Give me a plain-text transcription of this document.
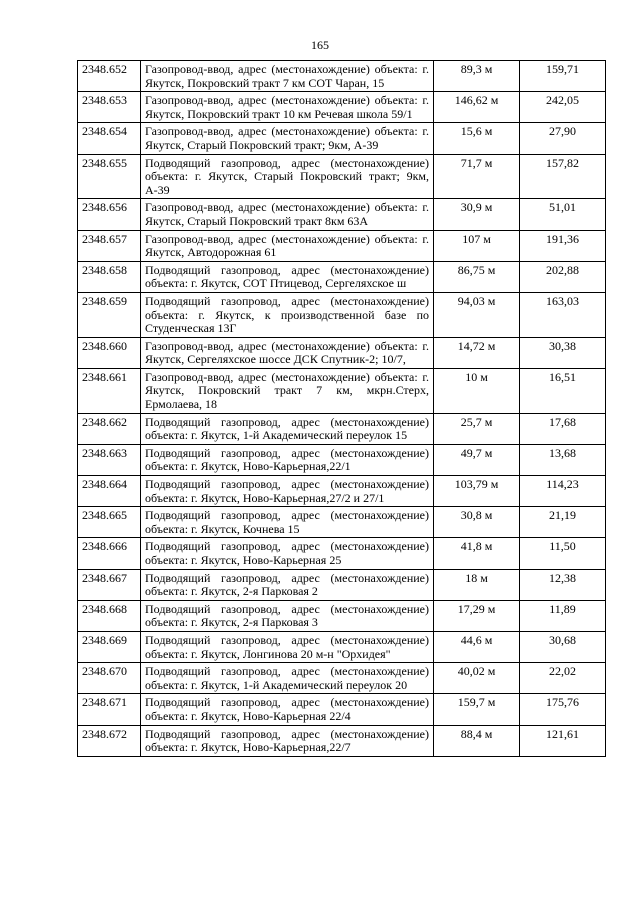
165
2348.652	Газопровод-ввод, адрес (местонахождение) объекта: г. Якутск, Покровский тракт 7 км СОТ Чаран, 15	89,3 м	159,71
2348.653	Газопровод-ввод, адрес (местонахождение) объекта: г. Якутск, Покровский тракт 10 км Речевая школа 59/1	146,62 м	242,05
2348.654	Газопровод-ввод, адрес (местонахождение) объекта: г. Якутск, Старый Покровский тракт; 9км, А-39	15,6 м	27,90
2348.655	Подводящий газопровод, адрес (местонахождение) объекта: г. Якутск, Старый Покровский тракт; 9км, А-39	71,7 м	157,82
2348.656	Газопровод-ввод, адрес (местонахождение) объекта: г. Якутск, Старый Покровский тракт 8км 63А	30,9 м	51,01
2348.657	Газопровод-ввод, адрес (местонахождение) объекта: г. Якутск, Автодорожная 61	107 м	191,36
2348.658	Подводящий газопровод, адрес (местонахождение) объекта: г. Якутск, СОТ Птицевод, Сергеляхское ш	86,75 м	202,88
2348.659	Подводящий газопровод, адрес (местонахождение) объекта: г. Якутск, к производственной базе по Студенческая 13Г	94,03 м	163,03
2348.660	Газопровод-ввод, адрес (местонахождение) объекта: г. Якутск, Сергеляхское шоссе ДСК Спутник-2; 10/7,	14,72 м	30,38
2348.661	Газопровод-ввод, адрес (местонахождение) объекта: г. Якутск, Покровский тракт 7 км, мкрн.Стерх, Ермолаева, 18	10 м	16,51
2348.662	Подводящий газопровод, адрес (местонахождение) объекта: г. Якутск, 1-й Академический переулок 15	25,7 м	17,68
2348.663	Подводящий газопровод, адрес (местонахождение) объекта: г. Якутск, Ново-Карьерная,22/1	49,7 м	13,68
2348.664	Подводящий газопровод, адрес (местонахождение) объекта: г. Якутск, Ново-Карьерная,27/2 и 27/1	103,79 м	114,23
2348.665	Подводящий газопровод, адрес (местонахождение) объекта: г. Якутск, Кочнева 15	30,8 м	21,19
2348.666	Подводящий газопровод, адрес (местонахождение) объекта: г. Якутск, Ново-Карьерная 25	41,8 м	11,50
2348.667	Подводящий газопровод, адрес (местонахождение) объекта: г. Якутск, 2-я Парковая 2	18 м	12,38
2348.668	Подводящий газопровод, адрес (местонахождение) объекта: г. Якутск, 2-я Парковая 3	17,29 м	11,89
2348.669	Подводящий газопровод, адрес (местонахождение) объекта: г. Якутск, Лонгинова 20 м-н "Орхидея"	44,6 м	30,68
2348.670	Подводящий газопровод, адрес (местонахождение) объекта: г. Якутск, 1-й Академический переулок 20	40,02 м	22,02
2348.671	Подводящий газопровод, адрес (местонахождение) объекта: г. Якутск, Ново-Карьерная 22/4	159,7 м	175,76
2348.672	Подводящий газопровод, адрес (местонахождение) объекта: г. Якутск, Ново-Карьерная,22/7	88,4 м	121,61
